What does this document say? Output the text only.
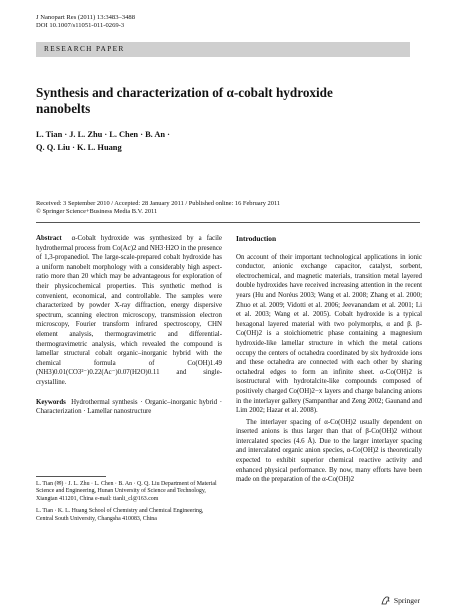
J Nanopart Res (2011) 13:3483–3488
DOI 10.1007/s11051-011-0269-3
RESEARCH PAPER
Synthesis and characterization of α-cobalt hydroxide
nanobelts
L. Tian · J. L. Zhu · L. Chen · B. An ·
Q. Q. Liu · K. L. Huang
Received: 3 September 2010 / Accepted: 28 January 2011 / Published online: 16 February 2011
© Springer Science+Business Media B.V. 2011
Abstract α-Cobalt hydroxide was synthesized by a facile hydrothermal process from Co(Ac)2 and NH3·H2O in the presence of 1,3-propanediol. The large-scale-prepared cobalt hydroxide has a uniform nanobelt morphology with a considerably high aspect-ratio more than 20 which may be advantageous for exploration of their physicochemical properties. This synthetic method is convenient, economical, and controllable. The samples were characterized by powder X-ray diffraction, energy dispersive spectrum, scanning electron microscopy, transmission electron microscopy, Fourier transform infrared spectroscopy, CHN element analysis, thermogravimetric and differential-thermogravimetric analysis, which revealed the compound is lamellar structural cobalt organic–inorganic hybrid with the chemical formula of Co(OH)1.49 (NH3)0.01(CO3²⁻)0.22(Ac⁻)0.07(H2O)0.11 and single-crystalline.
Keywords Hydrothermal synthesis · Organic–inorganic hybrid · Characterization · Lamellar nanostructure

L. Tian (✉) · J. L. Zhu · L. Chen · B. An · Q. Q. Liu Department of Material Science and Engineering, Hunan University of Science and Technology, Xiangtan 411201, China e-mail: tianli_cl@163.com

L. Tian · K. L. Huang School of Chemistry and Chemical Engineering, Central South University, Changsha 410083, China

Introduction

On account of their important technological applications in ionic conductor, anionic exchange capacitor, catalyst, sorbent, electrochemical, and magnetic materials, transition metal layered double hydroxides have received increasing attention in the recent years (Hu and Noréus 2003; Wang et al. 2008; Zhang et al. 2000; Zhuo et al. 2009; Vidotti et al. 2006; Jeevanandam et al. 2001; Li et al. 2003; Wang et al. 2005). Cobalt hydroxide is a typical hexagonal layered material with two polymorphs, α and β. β-Co(OH)2 is a stoichiometric phase containing a magnesium hydroxide-like lamellar structure in which the metal cations occupy the centers of octahedra coordinated by six hydroxide ions and these octahedra are connected with each other by sharing octahedral edges to form an infinite sheet. α-Co(OH)2 is isostructural with hydrotalcite-like compounds composed of positively charged Co(OH)2−x layers and charge balancing anions in the interlayer gallery (Sampanthar and Zeng 2002; Gaunand and Lim 2002; Hazar et al. 2008).

The interlayer spacing of α-Co(OH)2 usually dependent on inserted anions is thus larger than that of β-Co(OH)2 without intercalated species (4.6 Å). Due to the larger interlayer spacing and intercalated organic anion species, α-Co(OH)2 is theoretically expected to exhibit superior chemical reactive activity and enhanced physical performance. By now, many efforts have been made on the preparation of the α-Co(OH)2

Springer
